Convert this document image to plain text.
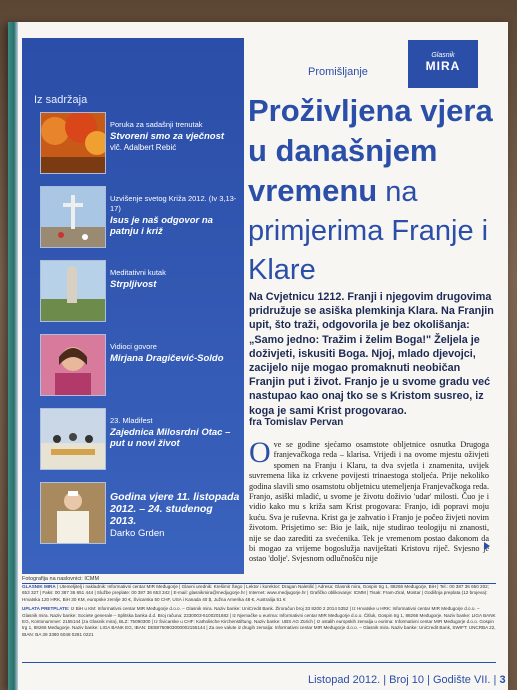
Iz sadržaja
Poruka za sadašnji trenutak
Stvoreni smo za vječnost
vlč. Adalbert Rebić
Uzvišenje svetog Križa 2012. (Iv 3,13-17)
Isus je naš odgovor na patnju i križ
Meditativni kutak
Strpljivost
Vidioci govore
Mirjana Dragičević-Soldo
23. Mladifest
Zajednica Milosrdni Otac – put u novi život
Godina vjere 11. listopada 2012. – 24. studenog 2013.
Darko Grden
Promišljanje
Glasnik
MIRA
Proživljena vjera u današnjem vremenu na primjerima Franje i Klare
Na Cvjetnicu 1212. Franji i njegovim drugovima pridružuje se asiška plemkinja Klara. Na Franjin upit, što traži, odgovorila je bez okolišanja: „Samo jedno: Tražim i želim Boga!" Željela je doživjeti, iskusiti Boga. Njoj, mlado djevojci, zacijelo nije mogao promaknuti neobičan Franjin put i život. Franjo je u svome gradu već nastupao kao onaj tko se s Kristom susreo, iz koga je sami Krist progovarao.
fra Tomislav Pervan
Ove se godine sjećamo osamstote obljetnice osnutka Drugoga franjevačkoga reda – klarisa. Vrijedi i na ovome mjestu oživjeti spomen na Franju i Klaru, ta dva svjetla i znamenita, uvijek suvremena lika iz crkvene povijesti trinaestoga stoljeća. Prije nekoliko godina slavili smo osamstotu obljetnicu utemeljenja Franjevačkoga reda. Franjo, asiški mladić, u svome je životu doživio 'udar' milosti. Čuo je i vidio kako mu s križa sam Krist progovara: Franjo, idi popravi moju kuću. Sva je ruševna. Krist ga je zahvatio i Franjo je počeo živjeti novim životom. Prisjetimo se: Bio je laik, nije studirao teologiju ni znanosti, nije se dao zarediti za svećenika. Tek je vremenom postao đakonom da bi mogao za vrijeme bogoslužja naviještati Kristovu riječ. Svjesno je ostao 'dolje'. Svjesnom odlučnošću nije
Fotografija na naslovnici: ICMM
GLASNIK MIRA | Utemeljitelj i nakladnik: Informativni centar MIR Međugorje | Glavni urednik: Krešimir Šego | Lektor i korektor: Dragan Naletilić | Adresa: Glasnik mira, Gospin trg 1, 88266 Međugorje, BiH | Tel.: 00 387 36 650 202; 653 327 | Faks: 00 387 36 651 444 | Službe preplate: 00 387 36 653 342 | E-mail: glasnikmira@medjugorje.hr | Internet: www.medjugorje.hr | Grafičko oblikovanje: ICMM | Tisak: Fram-Ziral, Mostar | Godišnja preplata (12 brojeva): Hrvatska 120 HRK, BiH 30 KM, europske zemlje 30 €, Švicarska 50 CHF, USA i Kanada 40 $, Južna Amerika 48 €, Australija 51 €
UPLATA PRETPLATE: Iz BiH u KM: Informativni centar MIR Međugorje d.o.o. – Glasnik mira. Naziv banke: UniCredit Bank. Žiroračun broj 33 8200 2 2014 5352 | Iz Hrvatske u HRK: Informativni centar MIR Međugorje d.o.o. – Glasnik mira. Naziv banke: Societe generale – Splitska banka d.d. Broj računa: 2330003-5100201682 | Iz Njemačke u eurima: Informativni centar MIR Međugorje d.o.o. Čitluk, Gospin trg 1, 88266 Međugorje. Naziv banke: LIGA BANK EG, Kontonummer: 2155144 (za Glasnik mira), BLZ: 75090300 | Iz Švicarske u CHF: Katholische Kirchenstiftung. Naziv banke: UBS AG Zürich | Iz ostalih europskih zemalja u eurima: Informativni centar MIR Međugorje d.o.o. Gospin trg 1, 88266 Međugorje. Naziv banke: LIGA BANK EG, IBAN: DE88750903000002155144 | Za ove valute iz drugih zemalja: Informativni centar MIR Međugorje d.o.o. – Glasnik mira. Naziv banke: UniCredit Bank, SWIFT: UNCRBA 22, IBAN: BA 39 3380 6048 0281 0221
Listopad 2012. | Broj 10 | Godište VII. | 3
